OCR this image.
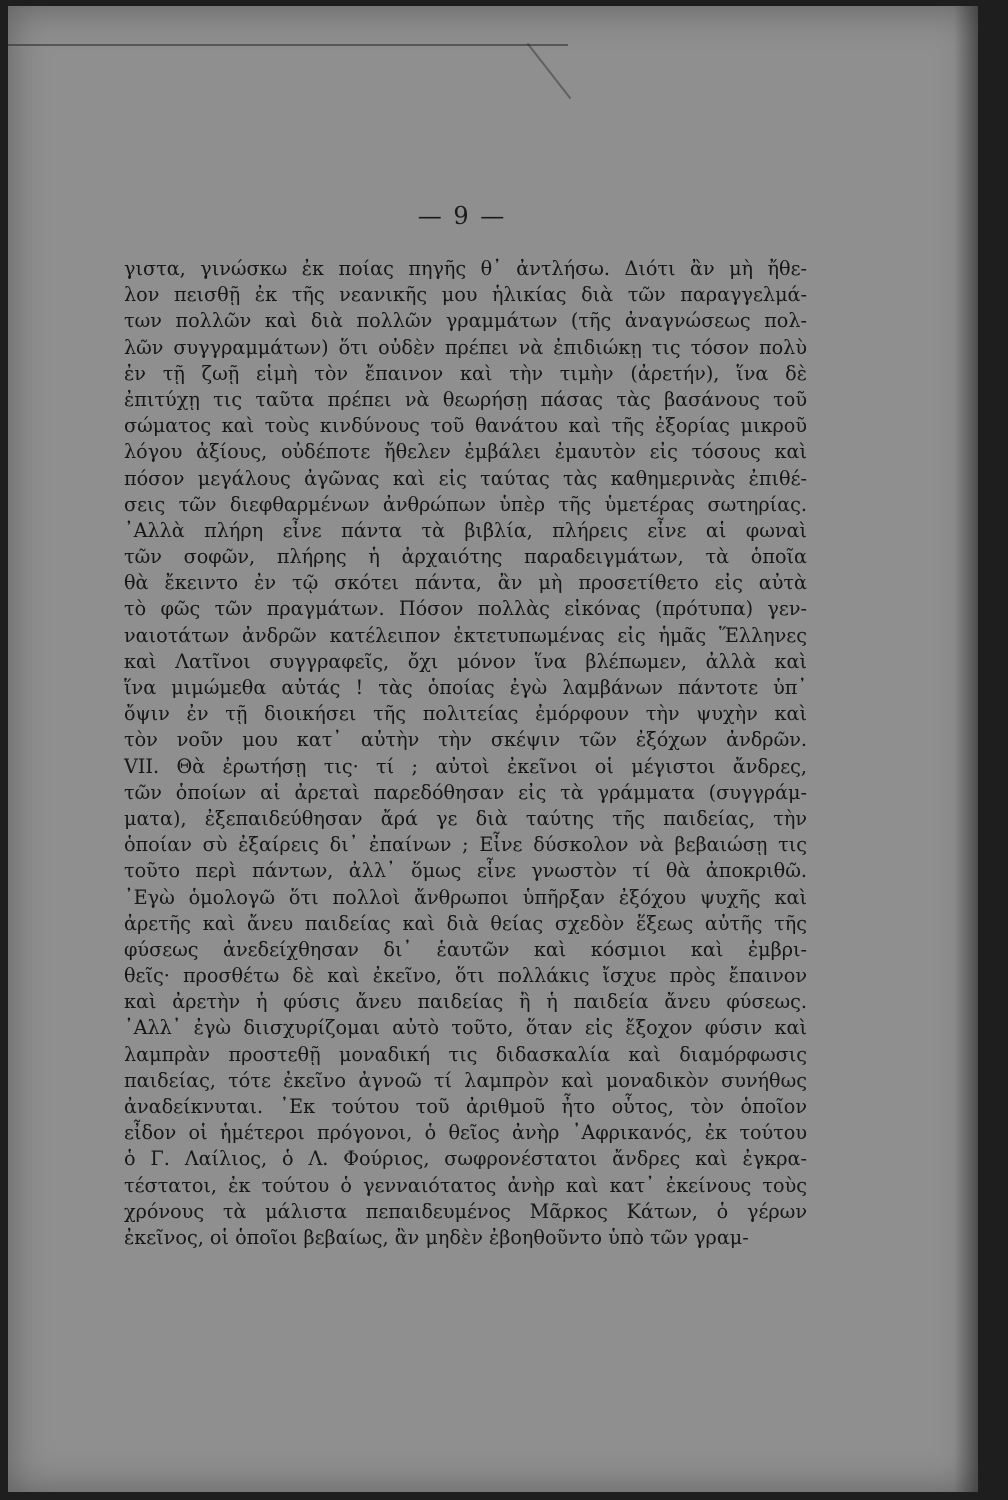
— 9 —
γιστα, γινώσκω ἐκ ποίας πηγῆς θ᾽ ἀντλήσω. Διότι ἂν μὴ ἤθε-
λον πεισθῇ ἐκ τῆς νεανικῆς μου ἡλικίας διὰ τῶν παραγγελμά-
των πολλῶν καὶ διὰ πολλῶν γραμμάτων (τῆς ἀναγνώσεως πολ-
λῶν συγγραμμάτων) ὅτι οὐδὲν πρέπει νὰ ἐπιδιώκῃ τις τόσον πολὺ
ἐν τῇ ζωῇ εἰμὴ τὸν ἔπαινον καὶ τὴν τιμὴν (ἀρετήν), ἵνα δὲ
ἐπιτύχῃ τις ταῦτα πρέπει νὰ θεωρήσῃ πάσας τὰς βασάνους τοῦ
σώματος καὶ τοὺς κινδύνους τοῦ θανάτου καὶ τῆς ἐξορίας μικροῦ
λόγου ἀξίους, οὐδέποτε ἤθελεν ἐμβάλει ἐμαυτὸν εἰς τόσους καὶ
πόσον μεγάλους ἀγῶνας καὶ εἰς ταύτας τὰς καθημερινὰς ἐπιθέ-
σεις τῶν διεφθαρμένων ἀνθρώπων ὑπὲρ τῆς ὑμετέρας σωτηρίας.
᾽Αλλὰ πλήρη εἶνε πάντα τὰ βιβλία, πλήρεις εἶνε αἱ φωναὶ
τῶν σοφῶν, πλήρης ἡ ἀρχαιότης παραδειγμάτων, τὰ ὁποῖα
θὰ ἔκειντο ἐν τῷ σκότει πάντα, ἂν μὴ προσετίθετο εἰς αὐτὰ
τὸ φῶς τῶν πραγμάτων. Πόσον πολλὰς εἰκόνας (πρότυπα) γεν-
ναιοτάτων ἀνδρῶν κατέλειπον ἐκτετυπωμένας εἰς ἡμᾶς Ἕλληνες
καὶ Λατῖνοι συγγραφεῖς, ὄχι μόνον ἵνα βλέπωμεν, ἀλλὰ καὶ
ἵνα μιμώμεθα αὐτάς ! τὰς ὁποίας ἐγὼ λαμβάνων πάντοτε ὑπ᾽
ὄψιν ἐν τῇ διοικήσει τῆς πολιτείας ἐμόρφουν τὴν ψυχὴν καὶ
τὸν νοῦν μου κατ᾽ αὐτὴν τὴν σκέψιν τῶν ἐξόχων ἀνδρῶν.
VII. Θὰ ἐρωτήσῃ τις· τί ; αὐτοὶ ἐκεῖνοι οἱ μέγιστοι ἄνδρες,
τῶν ὁποίων αἱ ἀρεταὶ παρεδόθησαν εἰς τὰ γράμματα (συγγράμ-
ματα), ἐξεπαιδεύθησαν ἄρά γε διὰ ταύτης τῆς παιδείας, τὴν
ὁποίαν σὺ ἐξαίρεις δι᾽ ἐπαίνων ; Εἶνε δύσκολον νὰ βεβαιώσῃ τις
τοῦτο περὶ πάντων, ἀλλ᾽ ὅμως εἶνε γνωστὸν τί θὰ ἀποκριθῶ.
᾽Εγὼ ὁμολογῶ ὅτι πολλοὶ ἄνθρωποι ὑπῆρξαν ἐξόχου ψυχῆς καὶ
ἀρετῆς καὶ ἄνευ παιδείας καὶ διὰ θείας σχεδὸν ἕξεως αὐτῆς τῆς
φύσεως ἀνεδείχθησαν δι᾽ ἑαυτῶν καὶ κόσμιοι καὶ ἐμβρι-
θεῖς· προσθέτω δὲ καὶ ἐκεῖνο, ὅτι πολλάκις ἴσχυε πρὸς ἔπαινον
καὶ ἀρετὴν ἡ φύσις ἄνευ παιδείας ἢ ἡ παιδεία ἄνευ φύσεως.
᾽Αλλ᾽ ἐγὼ διισχυρίζομαι αὐτὸ τοῦτο, ὅταν εἰς ἔξοχον φύσιν καὶ
λαμπρὰν προστεθῇ μοναδική τις διδασκαλία καὶ διαμόρφωσις
παιδείας, τότε ἐκεῖνο ἀγνοῶ τί λαμπρὸν καὶ μοναδικὸν συνήθως
ἀναδείκνυται. ᾽Εκ τούτου τοῦ ἀριθμοῦ ἦτο οὗτος, τὸν ὁποῖον
εἶδον οἱ ἡμέτεροι πρόγονοι, ὁ θεῖος ἀνὴρ ᾽Αφρικανός, ἐκ τούτου
ὁ Γ. Λαίλιος, ὁ Λ. Φούριος, σωφρονέστατοι ἄνδρες καὶ ἐγκρα-
τέστατοι, ἐκ τούτου ὁ γενναιότατος ἀνὴρ καὶ κατ᾽ ἐκείνους τοὺς
χρόνους τὰ μάλιστα πεπαιδευμένος Μᾶρκος Κάτων, ὁ γέρων
ἐκεῖνος, οἱ ὁποῖοι βεβαίως, ἂν μηδὲν ἐβοηθοῦντο ὑπὸ τῶν γραμ-
